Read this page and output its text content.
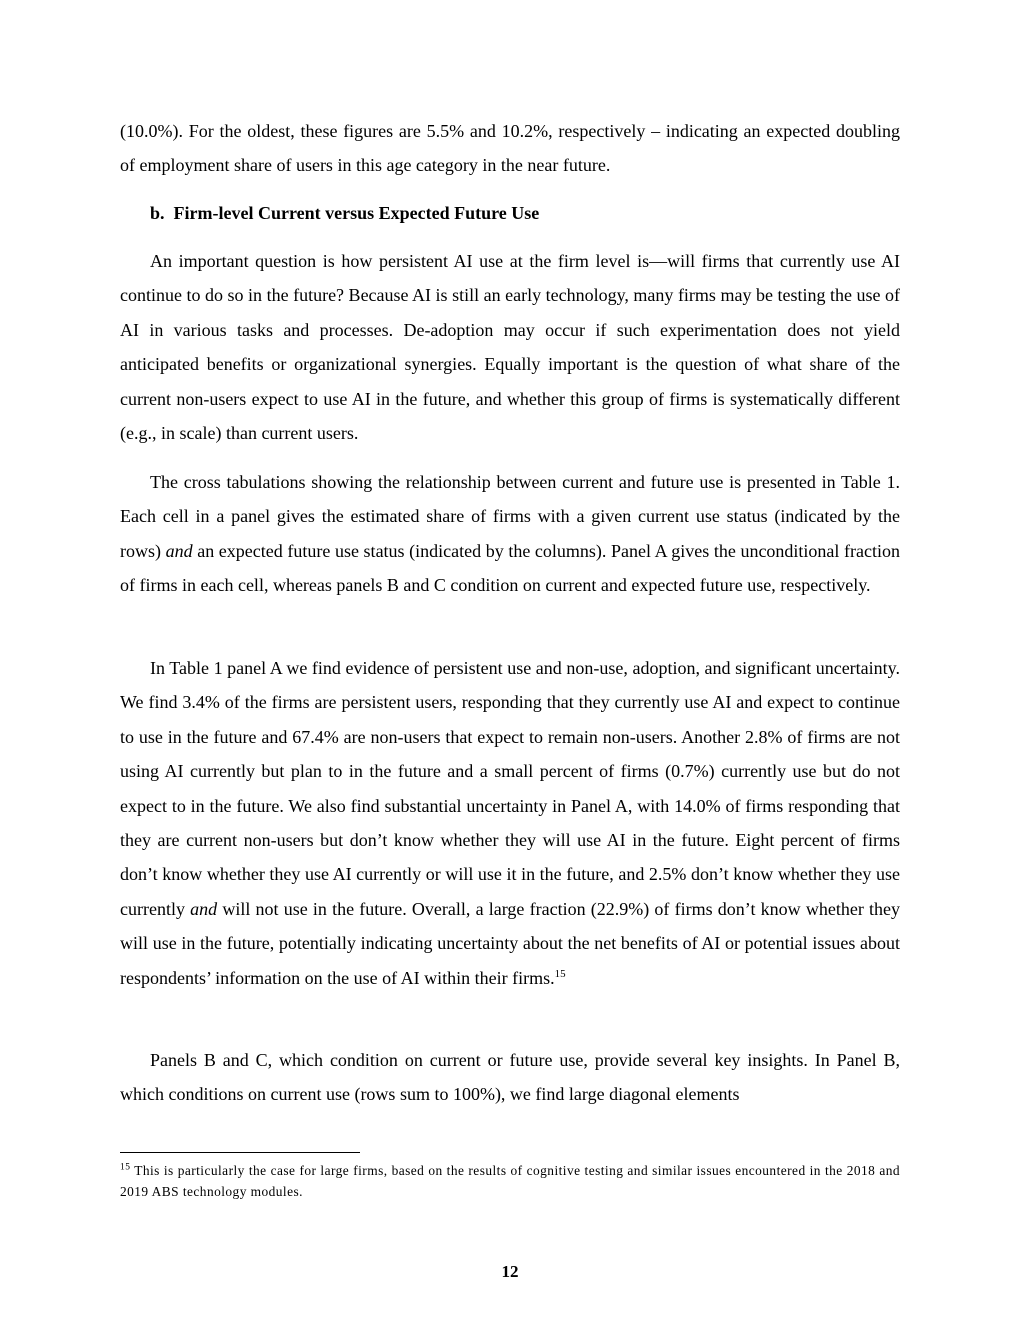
(10.0%). For the oldest, these figures are 5.5% and 10.2%, respectively – indicating an expected doubling of employment share of users in this age category in the near future.

b. Firm-level Current versus Expected Future Use

An important question is how persistent AI use at the firm level is—will firms that currently use AI continue to do so in the future? Because AI is still an early technology, many firms may be testing the use of AI in various tasks and processes. De-adoption may occur if such experimentation does not yield anticipated benefits or organizational synergies. Equally important is the question of what share of the current non-users expect to use AI in the future, and whether this group of firms is systematically different (e.g., in scale) than current users.

The cross tabulations showing the relationship between current and future use is presented in Table 1. Each cell in a panel gives the estimated share of firms with a given current use status (indicated by the rows) and an expected future use status (indicated by the columns). Panel A gives the unconditional fraction of firms in each cell, whereas panels B and C condition on current and expected future use, respectively.

In Table 1 panel A we find evidence of persistent use and non-use, adoption, and significant uncertainty. We find 3.4% of the firms are persistent users, responding that they currently use AI and expect to continue to use in the future and 67.4% are non-users that expect to remain non-users. Another 2.8% of firms are not using AI currently but plan to in the future and a small percent of firms (0.7%) currently use but do not expect to in the future. We also find substantial uncertainty in Panel A, with 14.0% of firms responding that they are current non-users but don’t know whether they will use AI in the future. Eight percent of firms don’t know whether they use AI currently or will use it in the future, and 2.5% don’t know whether they use currently and will not use in the future. Overall, a large fraction (22.9%) of firms don’t know whether they will use in the future, potentially indicating uncertainty about the net benefits of AI or potential issues about respondents’ information on the use of AI within their firms.$^{15}$

Panels B and C, which condition on current or future use, provide several key insights. In Panel B, which conditions on current use (rows sum to 100%), we find large diagonal elements

$^{15}$ This is particularly the case for large firms, based on the results of cognitive testing and similar issues encountered in the 2018 and 2019 ABS technology modules.

12
